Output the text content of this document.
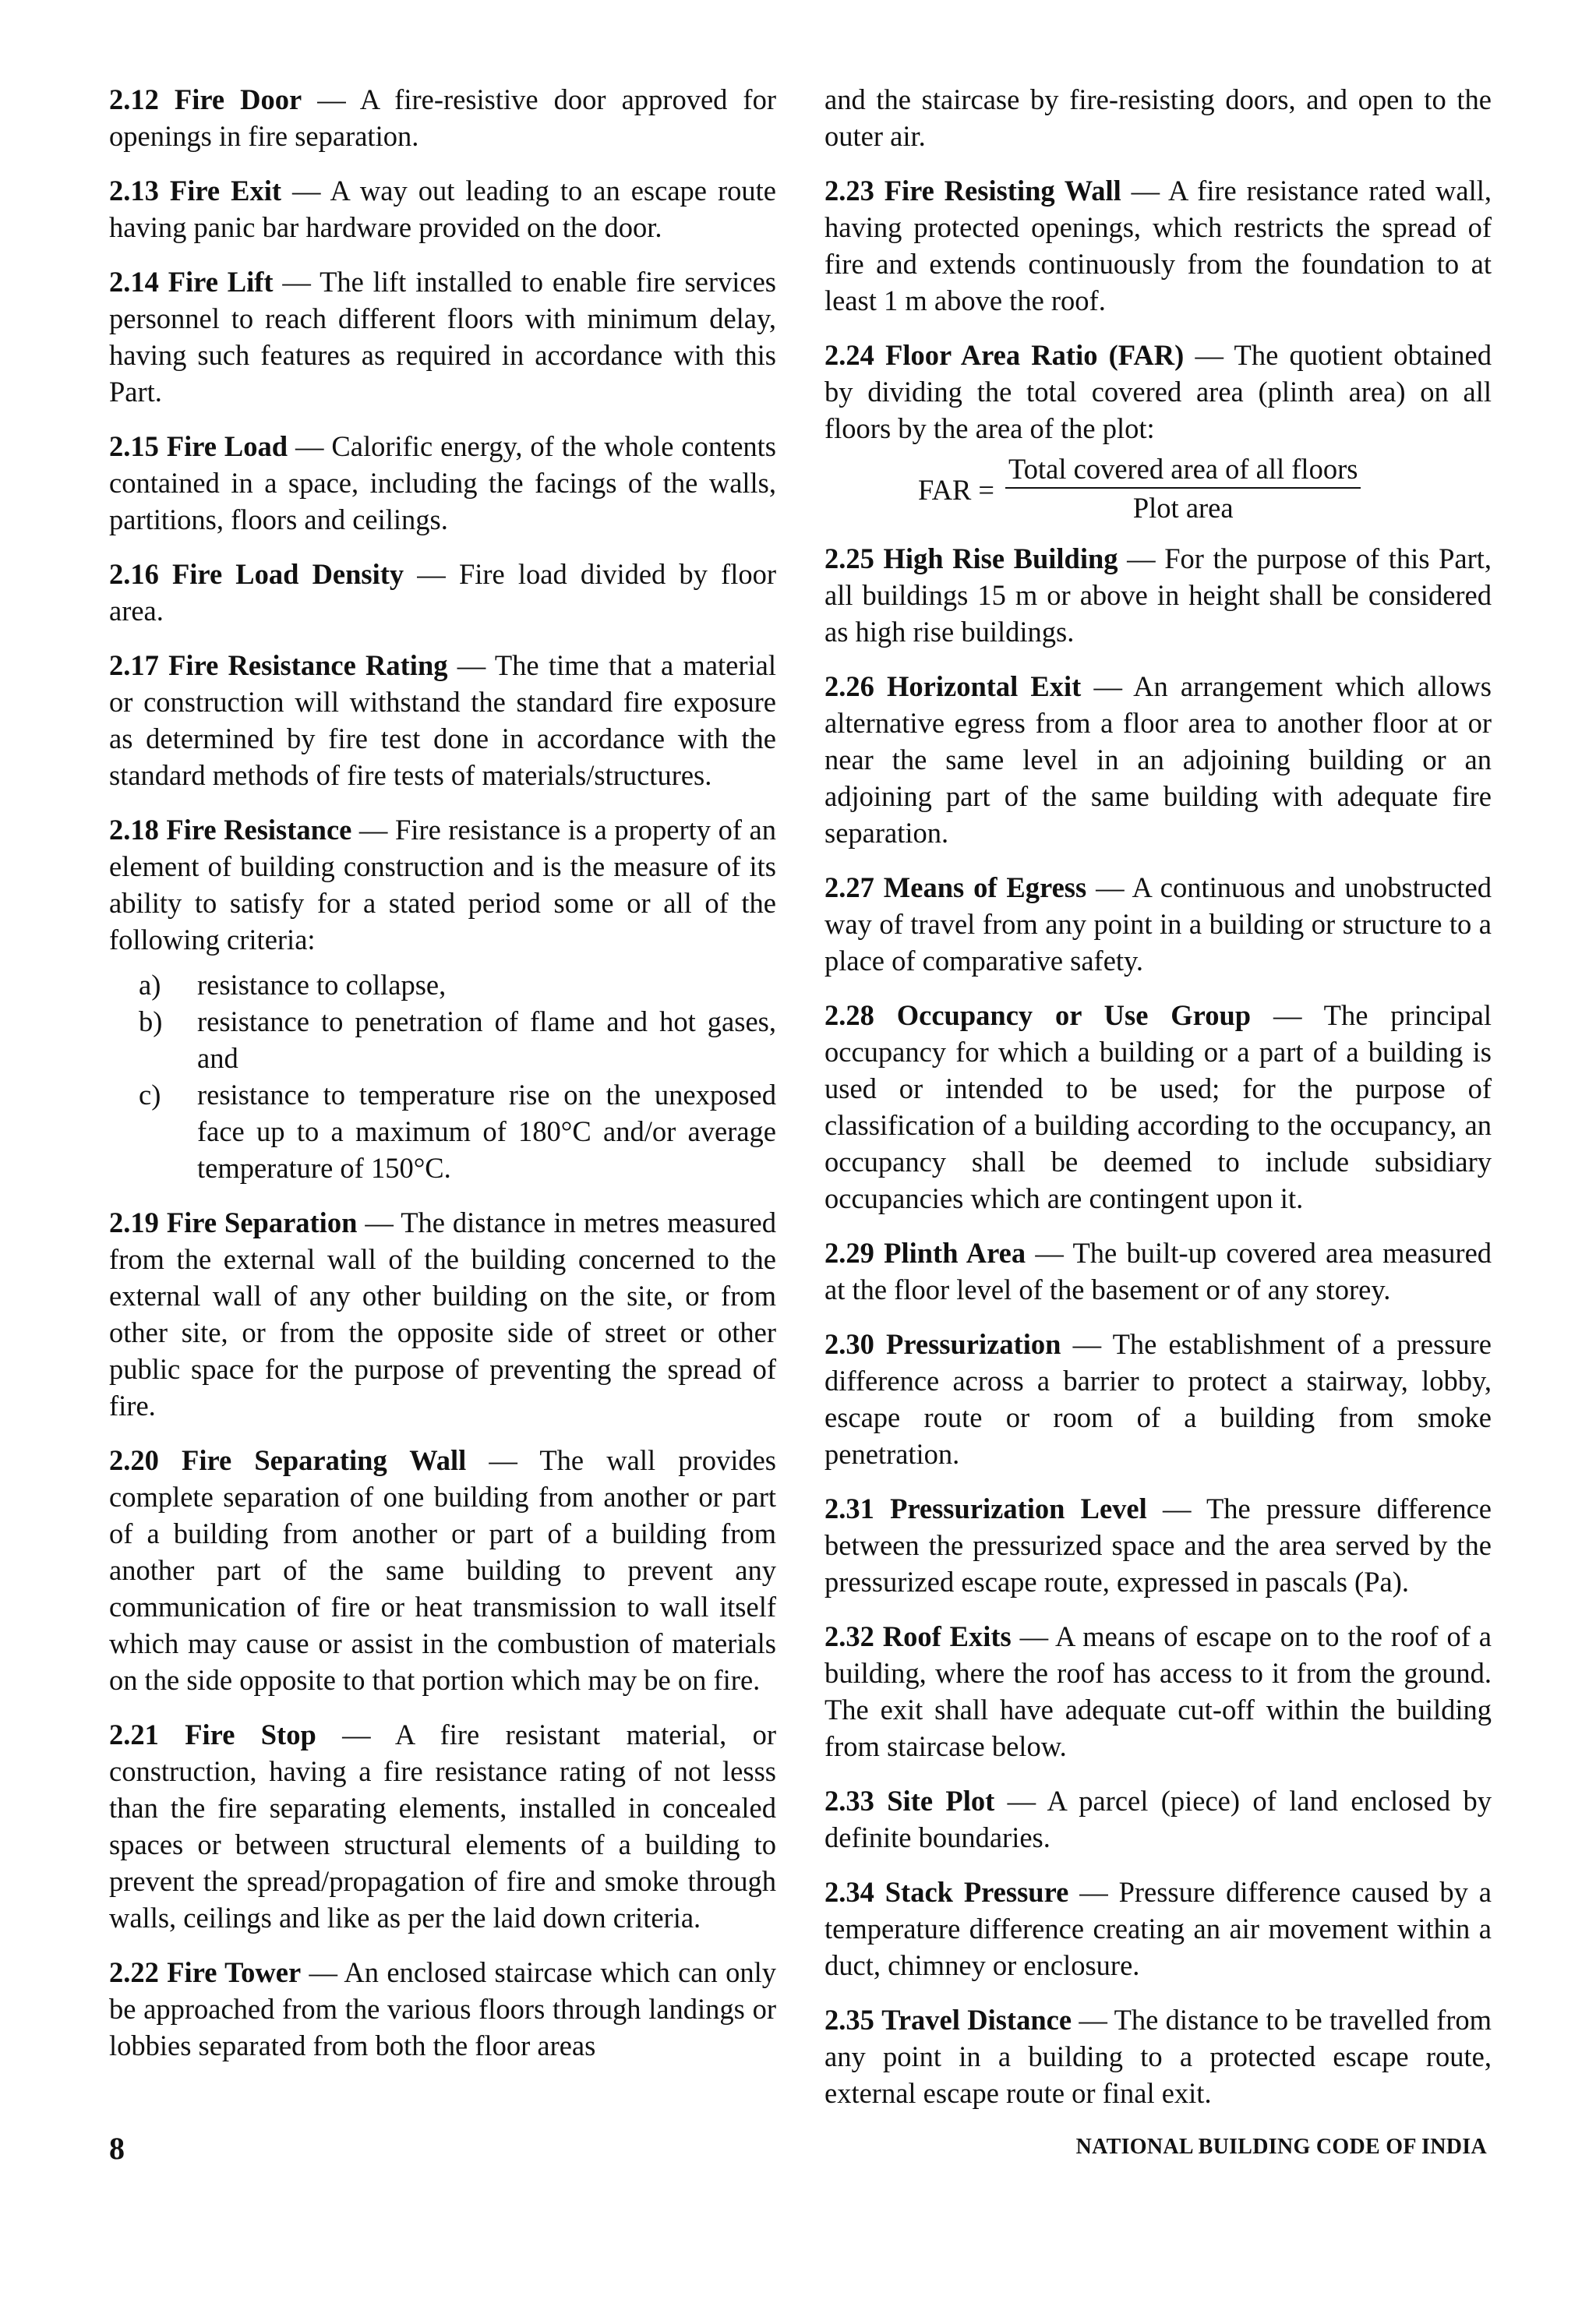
2.12 Fire Door — A fire-resistive door approved for openings in fire separation.

2.13 Fire Exit — A way out leading to an escape route having panic bar hardware provided on the door.

2.14 Fire Lift — The lift installed to enable fire services personnel to reach different floors with minimum delay, having such features as required in accordance with this Part.

2.15 Fire Load — Calorific energy, of the whole contents contained in a space, including the facings of the walls, partitions, floors and ceilings.

2.16 Fire Load Density — Fire load divided by floor area.

2.17 Fire Resistance Rating — The time that a material or construction will withstand the standard fire exposure as determined by fire test done in accordance with the standard methods of fire tests of materials/structures.

2.18 Fire Resistance — Fire resistance is a property of an element of building construction and is the measure of its ability to satisfy for a stated period some or all of the following criteria:

a)	resistance to collapse,
b)	resistance to penetration of flame and hot gases, and
c)	resistance to temperature rise on the unexposed face up to a maximum of 180°C and/or average temperature of 150°C.

2.19 Fire Separation — The distance in metres measured from the external wall of the building concerned to the external wall of any other building on the site, or from other site, or from the opposite side of street or other public space for the purpose of preventing the spread of fire.

2.20 Fire Separating Wall — The wall provides complete separation of one building from another or part of a building from another or part of a building from another part of the same building to prevent any communication of fire or heat transmission to wall itself which may cause or assist in the combustion of materials on the side opposite to that portion which may be on fire.

2.21 Fire Stop — A fire resistant material, or construction, having a fire resistance rating of not lesss than the fire separating elements, installed in concealed spaces or between structural elements of a building to prevent the spread/propagation of fire and smoke through walls, ceilings and like as per the laid down criteria.

2.22 Fire Tower — An enclosed staircase which can only be approached from the various floors through landings or lobbies separated from both the floor areas

and the staircase by fire-resisting doors, and open to the outer air.

2.23 Fire Resisting Wall — A fire resistance rated wall, having protected openings, which restricts the spread of fire and extends continuously from the foundation to at least 1 m above the roof.

2.24 Floor Area Ratio (FAR) — The quotient obtained by dividing the total covered area (plinth area) on all floors by the area of the plot:

FAR = $\frac{\text{Total covered area of all floors}}{\text{Plot area}}$

2.25 High Rise Building — For the purpose of this Part, all buildings 15 m or above in height shall be considered as high rise buildings.

2.26 Horizontal Exit — An arrangement which allows alternative egress from a floor area to another floor at or near the same level in an adjoining building or an adjoining part of the same building with adequate fire separation.

2.27 Means of Egress — A continuous and unobstructed way of travel from any point in a building or structure to a place of comparative safety.

2.28 Occupancy or Use Group — The principal occupancy for which a building or a part of a building is used or intended to be used; for the purpose of classification of a building according to the occupancy, an occupancy shall be deemed to include subsidiary occupancies which are contingent upon it.

2.29 Plinth Area — The built-up covered area measured at the floor level of the basement or of any storey.

2.30 Pressurization — The establishment of a pressure difference across a barrier to protect a stairway, lobby, escape route or room of a building from smoke penetration.

2.31 Pressurization Level — The pressure difference between the pressurized space and the area served by the pressurized escape route, expressed in pascals (Pa).

2.32 Roof Exits — A means of escape on to the roof of a building, where the roof has access to it from the ground. The exit shall have adequate cut-off within the building from staircase below.

2.33 Site Plot — A parcel (piece) of land enclosed by definite boundaries.

2.34 Stack Pressure — Pressure difference caused by a temperature difference creating an air movement within a duct, chimney or enclosure.

2.35 Travel Distance — The distance to be travelled from any point in a building to a protected escape route, external escape route or final exit.

8	NATIONAL BUILDING CODE OF INDIA
